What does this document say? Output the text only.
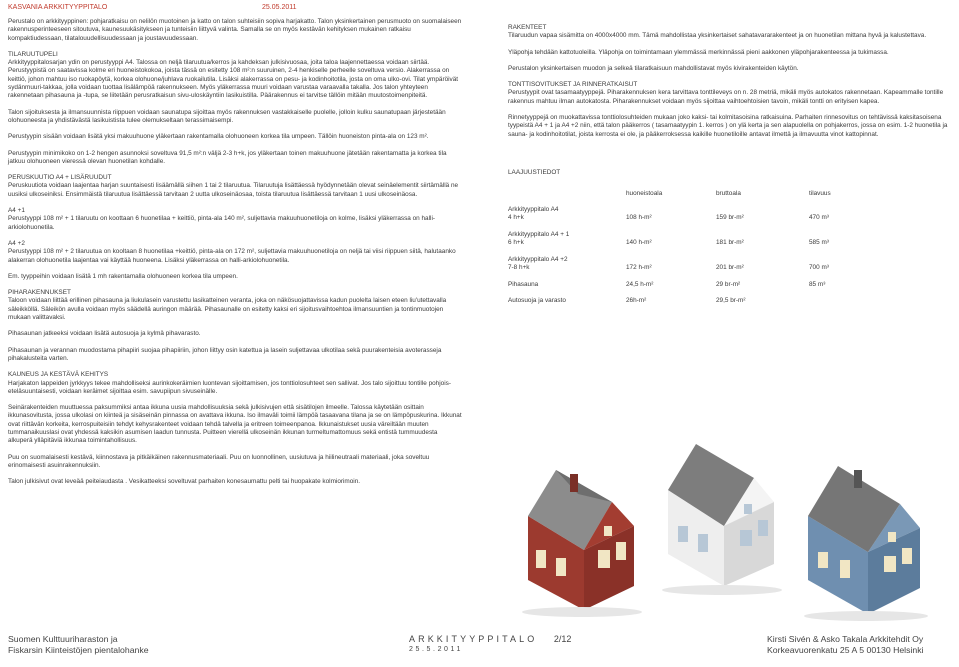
KASVANIA ARKKITYYPPITALO	25.05.2011

Perustalo on arkkityyppinen: pohjaratkaisu on nelilön muotoinen ja katto on talon suhteisiin sopiva harjakatto. Talon yksinkertainen perusmuoto on suomalaiseen rakennusperinteeseen sitoutuva, kaunesuukäsitykseen ja tunteisiin liittyvä valinta. Samalla se on myös kestävän kehityksen mukainen ratkaisu kompaktiudessaan, tilatalouudellisuudessaan ja joustavuudessaan.

TILARUUTUPELI

Arkkityyppitalosarjan ydin on perustyyppi A4. Talossa on neljä tilaruutua/kerros ja kahdeksan julkisivuosaa, joita taloa laajennettaessa voidaan siirtää. Perustyypistä on saatavissa kolme eri huoneistokokoa, joista tässä on esitetty 108 m²:n suuruinen, 2-4 henkiselle perheelle soveltuva versio. Alakerrassa on keittiö, johon mahtuu iso ruokapöytä, korkea olohuone/juhlava ruokailutila. Lisäksi alakerrassa on pesu- ja kodinhoitotila, josta on oma ulko-ovi. Tilat ympäröivät sydänmuuri-takkaa, jolla voidaan tuottaa lisälämpöä rakennukseen. Myös yläkerrassa muuri voidaan varustaa varaavalla takalla. Jos talon yhteyteen rakennetaan pihasauna ja -tupa, se liitetään perusratkaisun sivu-uloskäyntiin lasikuistilla. Päärakennus ei tarvitse tällöin mitään muutostoimenpiteitä.

Talon sijoituksesta ja ilmansuunnista riippuen voidaan saunatupa sijoittaa myös rakennuksen vastakkaiselle puolelle, jolloin kulku saunatupaan järjestetään olohuoneesta ja yhdistävästä lasikuistista tulee olemukseltaan terassimaisempi.

Perustyypin sisään voidaan lisätä yksi makuuhuone yläkertaan rakentamalla olohuoneen korkea tila umpeen. Tällöin huoneiston pinta-ala on 123 m².

Perustyypin minimikoko on 1-2 hengen asunnoksi soveltuva 91,5 m²:n väljä 2-3 h+k, jos yläkertaan toinen makuuhuone jätetään rakentamatta ja korkea tila jatkuu olohuoneen vieressä olevan huonetilan kohdalle.

PERUSKUUTIO A4 + LISÄRUUDUT

Peruskuutiota voidaan laajentaa harjan suuntaisesti lisäämällä siihen 1 tai 2 tilaruutua. Tilaruutuja lisättäessä hyödynnetään olevat seinäelementit siirtämällä ne uusiksi ulkoseiniksi. Ensimmäistä tilaruutua lisättäessä tarvitaan 2 uutta ulkoseinäosaa, toista tilaruutua lisättäessä tarvitaan 1 uusi ulkoseinäosa.

A4 +1

Perustyyppi 108 m² + 1 tilaruutu on koottaan 6 huonetilaa + keittiö, pinta-ala 140 m², suljettavia makuuhuonetiloja on kolme, lisäksi yläkerrassa on halli- arkiolohuonetila.

A4 +2

Perustyyppi 108 m² + 2 tilaruutua on kooltaan 8 huonetilaa +keittiö, pinta-ala on 172 m², suljettavia makuuhuonetiloja on neljä tai viisi riippuen siitä, halutaanko alakerran olohuonetila laajentaa vai käyttää huoneena. Lisäksi yläkerrassa on halli-arkiolohuonetila.

Em. tyyppeihin voidaan lisätä 1 mh rakentamalla olohuoneen korkea tila umpeen.

PIHARAKENNUKSET

Taloon voidaan liittää erillinen pihasauna ja liukulasein varustettu lasikatteinen veranta, joka on näkösuojattavissa kadun puolelta laisen eteen liu'utettavalla säleikköllä. Säleikön avulla voidaan myös säädellä auringon määrää. Pihasaunalle on esitetty kaksi eri sijoitusvaihtoehtoa ilmansuuntien ja tontinmuotojen mukaan valittavaksi.

Pihasaunan jatkeeksi voidaan lisätä autosuoja ja kylmä pihavarasto.

Pihasaunan ja verannan muodostama pihapiiri suojaa pihapiiriin, johon liittyy osin katettua ja lasein suljettavaa ulkotilaa sekä puurakenteisia avoterasseja pihakalusteita varten.

KAUNEUS JA KESTÄVÄ KEHITYS

Harjakaton lappeiden jyrkkyys tekee mahdolliseksi aurinkokeräimien luontevan sijoittamisen, jos tonttiolosuhteet sen sallivat. Jos talo sijoittuu tontille pohjois-eteläsuuntaisesti, voidaan keräimet sijoittaa esim. savupiipun sivuseinälle.

Seinärakenteiden muuttuessa paksummiksi antaa ikkuna uusia mahdollisuuksia sekä julkisivujen että sisätilojen ilmeelle. Talossa käytetään osittain ikkunasovitusta, jossa ulkolasi on kiinteä ja sisäseinän pinnassa on avattava ikkuna. Iso ilmaväli toimii lämpöä tasaavana tilana ja se on lämpöpuskurina. Ikkunat ovat riittävän korkeita, kerrospuiteisiin tehdyt kehysrakenteet voidaan tehdä talvella ja eritreen toimeenpanoa. Ikkunaistukset uusia väreiltään muuten tummanaikuuslasi ovat yhdessä kaksikin asumisen laadun tunnusta. Puitteen vierellä ulkoseinän ikkunan turmeltumattomuus sekä entistä tummuudesta alkuperä ylläpitäviä ikkunaa toimintahollisuus.

Puu on suomalaisesti kestävä, kiinnostava ja pitkäikäinen rakennusmateriaali. Puu on luonnollinen, uusiutuva ja hiilineutraali materiaali, joka soveltuu erinomaisesti asuinrakennuksiin.

Talon julkisivut ovat leveää peiteiaudasta . Vesikatteeksi soveltuvat parhaiten konesaumattu pelti tai huopakate kolmiorimoin.

RAKENTEET

Tilaruudun vapaa sisämitta on 4000x4000 mm. Tämä mahdollistaa yksinkertaiset sahatavararakenteet ja on huonetilan mittana hyvä ja kalustettava.

Yläpohja tehdään kattotuoleilla. Yläpohja on toimintamaan ylemmässä merkinnässä pieni aakkonen yläpohjarakenteessa ja tukimassa.

Perustalon yksinkertaisen muodon ja selkeä tilaratkaisuun mahdollistavat myös kivirakenteiden käytön.

TONTTISOVITUKSET JA RINNERATKAISUT

Perustyypit ovat tasamaatyyppejä. Piharakennuksen kera tarvittava tonttileveys on n. 28 metriä, mikäli myös autokatos rakennetaan. Kapeammalle tontille rakennus mahtuu ilman autokatosta. Piharakennukset voidaan myös sijoittaa vaihtoehtoisien tavoin, mikäli tontti on erityisen kapea.

Rinnetyyppejä on muokattavissa tonttiolosuhteiden mukaan joko kaksi- tai kolmitasoisina ratkaisuina. Parhaiten rinnesovitus on tehtävissä kaksitasoisena tyypeistä A4 + 1 ja A4 +2 niin, että talon pääkerros ( tasamaatyypin 1. kerros ) on ylä kerta ja sen alapuolella on pohjakerros, jossa on esim. 1-2 huonetila ja sauna- ja kodinhoitotilat, joista kerrosta ei ole, ja pääkerroksessa kaikille huonetiloille antavat ilmettä ja ilmavuutta vinot kattopinnat.

LAAJUUSTIEDOT

	huoneistoala	bruttoala	tilavuus

Arkkityyppitalo A4			
4 h+k	108 h-m²	159 br-m²	470 m³

Arkkityyppitalo A4 + 1			
6 h+k	140 h-m²	181 br-m²	585 m³

Arkkityyppitalo A4 +2			
7-8 h+k	172 h-m²	201 br-m²	700 m³

Pihasauna	24,5 h-m²	29 br-m²	85 m³

Autosuoja ja varasto	26h-m²	29,5 br-m²	
Suomen Kulttuuriharaston ja
Fiskarsin Kiinteistöjen pientalohanke
ARKKITYYPPITALO 2/12
25.5.2011
Kirsti Sivén & Asko Takala Arkkitehdit Oy
Korkeavuorenkatu 25 A 5 00130 Helsinki
